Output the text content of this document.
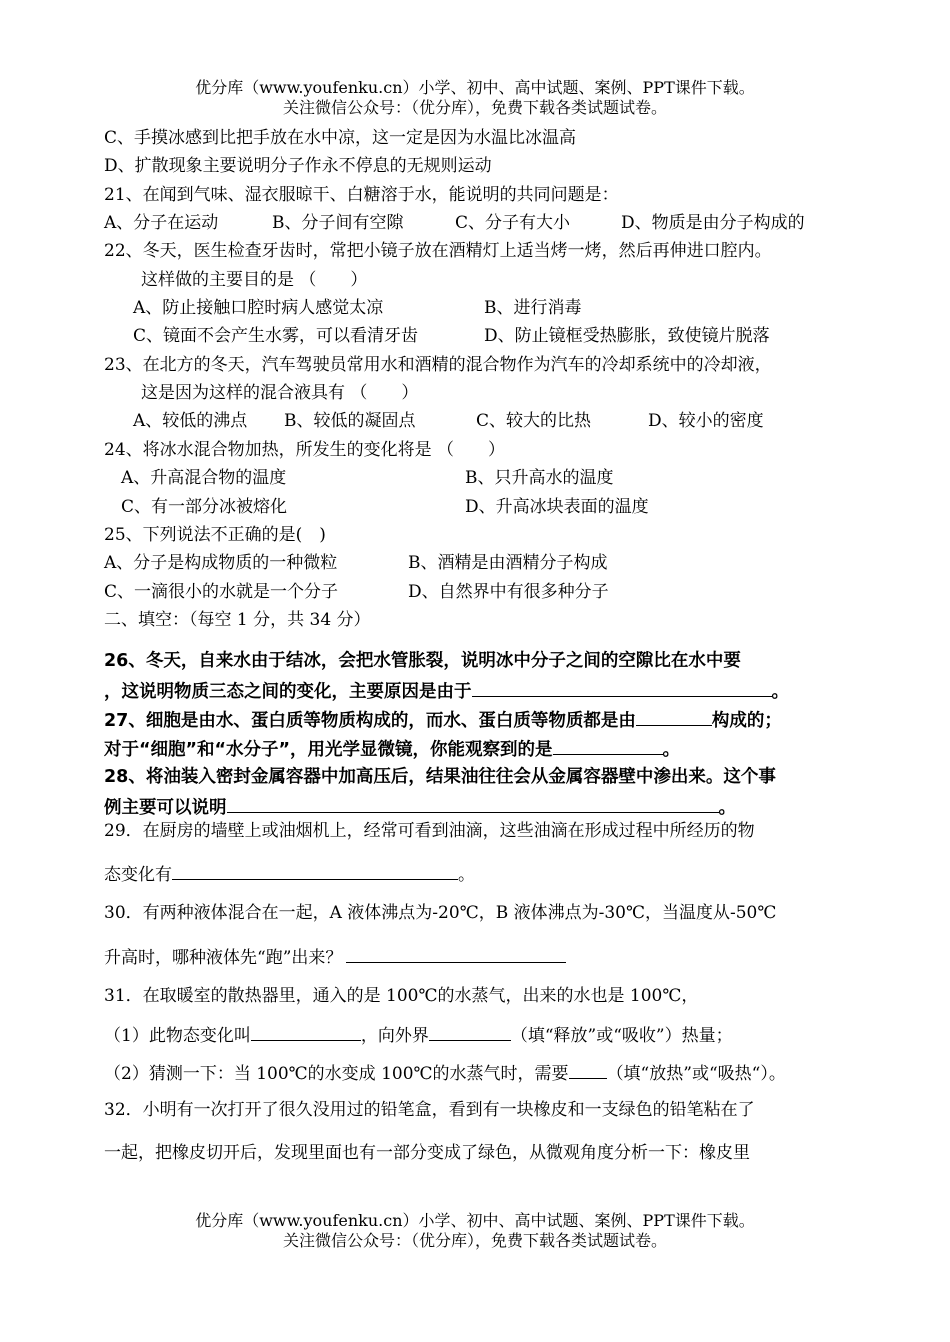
优分库（www.youfenku.cn）小学、初中、高中试题、案例、PPT课件下载。
关注微信公众号：（优分库），免费下载各类试题试卷。
C、手摸冰感到比把手放在水中凉，这一定是因为水温比冰温高
D、扩散现象主要说明分子作永不停息的无规则运动
21、在闻到气味、湿衣服晾干、白糖溶于水，能说明的共同问题是：
A、分子在运动	B、分子间有空隙	C、分子有大小	D、物质是由分子构成的
22、冬天，医生检查牙齿时，常把小镜子放在酒精灯上适当烤一烤，然后再伸进口腔内。
这样做的主要目的是 （　　）
A、防止接触口腔时病人感觉太凉	B、进行消毒
C、镜面不会产生水雾，可以看清牙齿	D、防止镜框受热膨胀，致使镜片脱落
23、在北方的冬天，汽车驾驶员常用水和酒精的混合物作为汽车的冷却系统中的冷却液，
这是因为这样的混合液具有 （　　）
A、较低的沸点 B、较低的凝固点	C、较大的比热	D、较小的密度
24、将冰水混合物加热，所发生的变化将是 （　　）
A、升高混合物的温度	B、只升高水的温度
C、有一部分冰被熔化	D、升高冰块表面的温度
25、下列说法不正确的是(　)
A、分子是构成物质的一种微粒	B、酒精是由酒精分子构成
C、一滴很小的水就是一个分子	D、自然界中有很多种分子
二、填空：（每空 1 分，共 34 分）
26、冬天，自来水由于结冰，会把水管胀裂，说明冰中分子之间的空隙比在水中要
，这说明物质三态之间的变化，主要原因是由于	。
27、细胞是由水、蛋白质等物质构成的，而水、蛋白质等物质都是由	构成的；
对于“细胞”和“水分子”，用光学显微镜，你能观察到的是	。
28、将油装入密封金属容器中加高压后，结果油往往会从金属容器壁中渗出来。这个事
例主要可以说明	。
29．在厨房的墙壁上或油烟机上，经常可看到油滴，这些油滴在形成过程中所经历的物
态变化有	。
30．有两种液体混合在一起，A 液体沸点为-20℃，B 液体沸点为-30℃，当温度从-50℃
升高时，哪种液体先“跑”出来？
31．在取暖室的散热器里，通入的是 100℃的水蒸气，出来的水也是 100℃，
（1）此物态变化叫	，向外界	（填“释放”或“吸收”）热量；
（2）猜测一下：当 100℃的水变成 100℃的水蒸气时，需要 （填“放热”或“吸热“）。
32．小明有一次打开了很久没用过的铅笔盒，看到有一块橡皮和一支绿色的铅笔粘在了
一起，把橡皮切开后，发现里面也有一部分变成了绿色，从微观角度分析一下：橡皮里
优分库（www.youfenku.cn）小学、初中、高中试题、案例、PPT课件下载。
关注微信公众号：（优分库），免费下载各类试题试卷。
